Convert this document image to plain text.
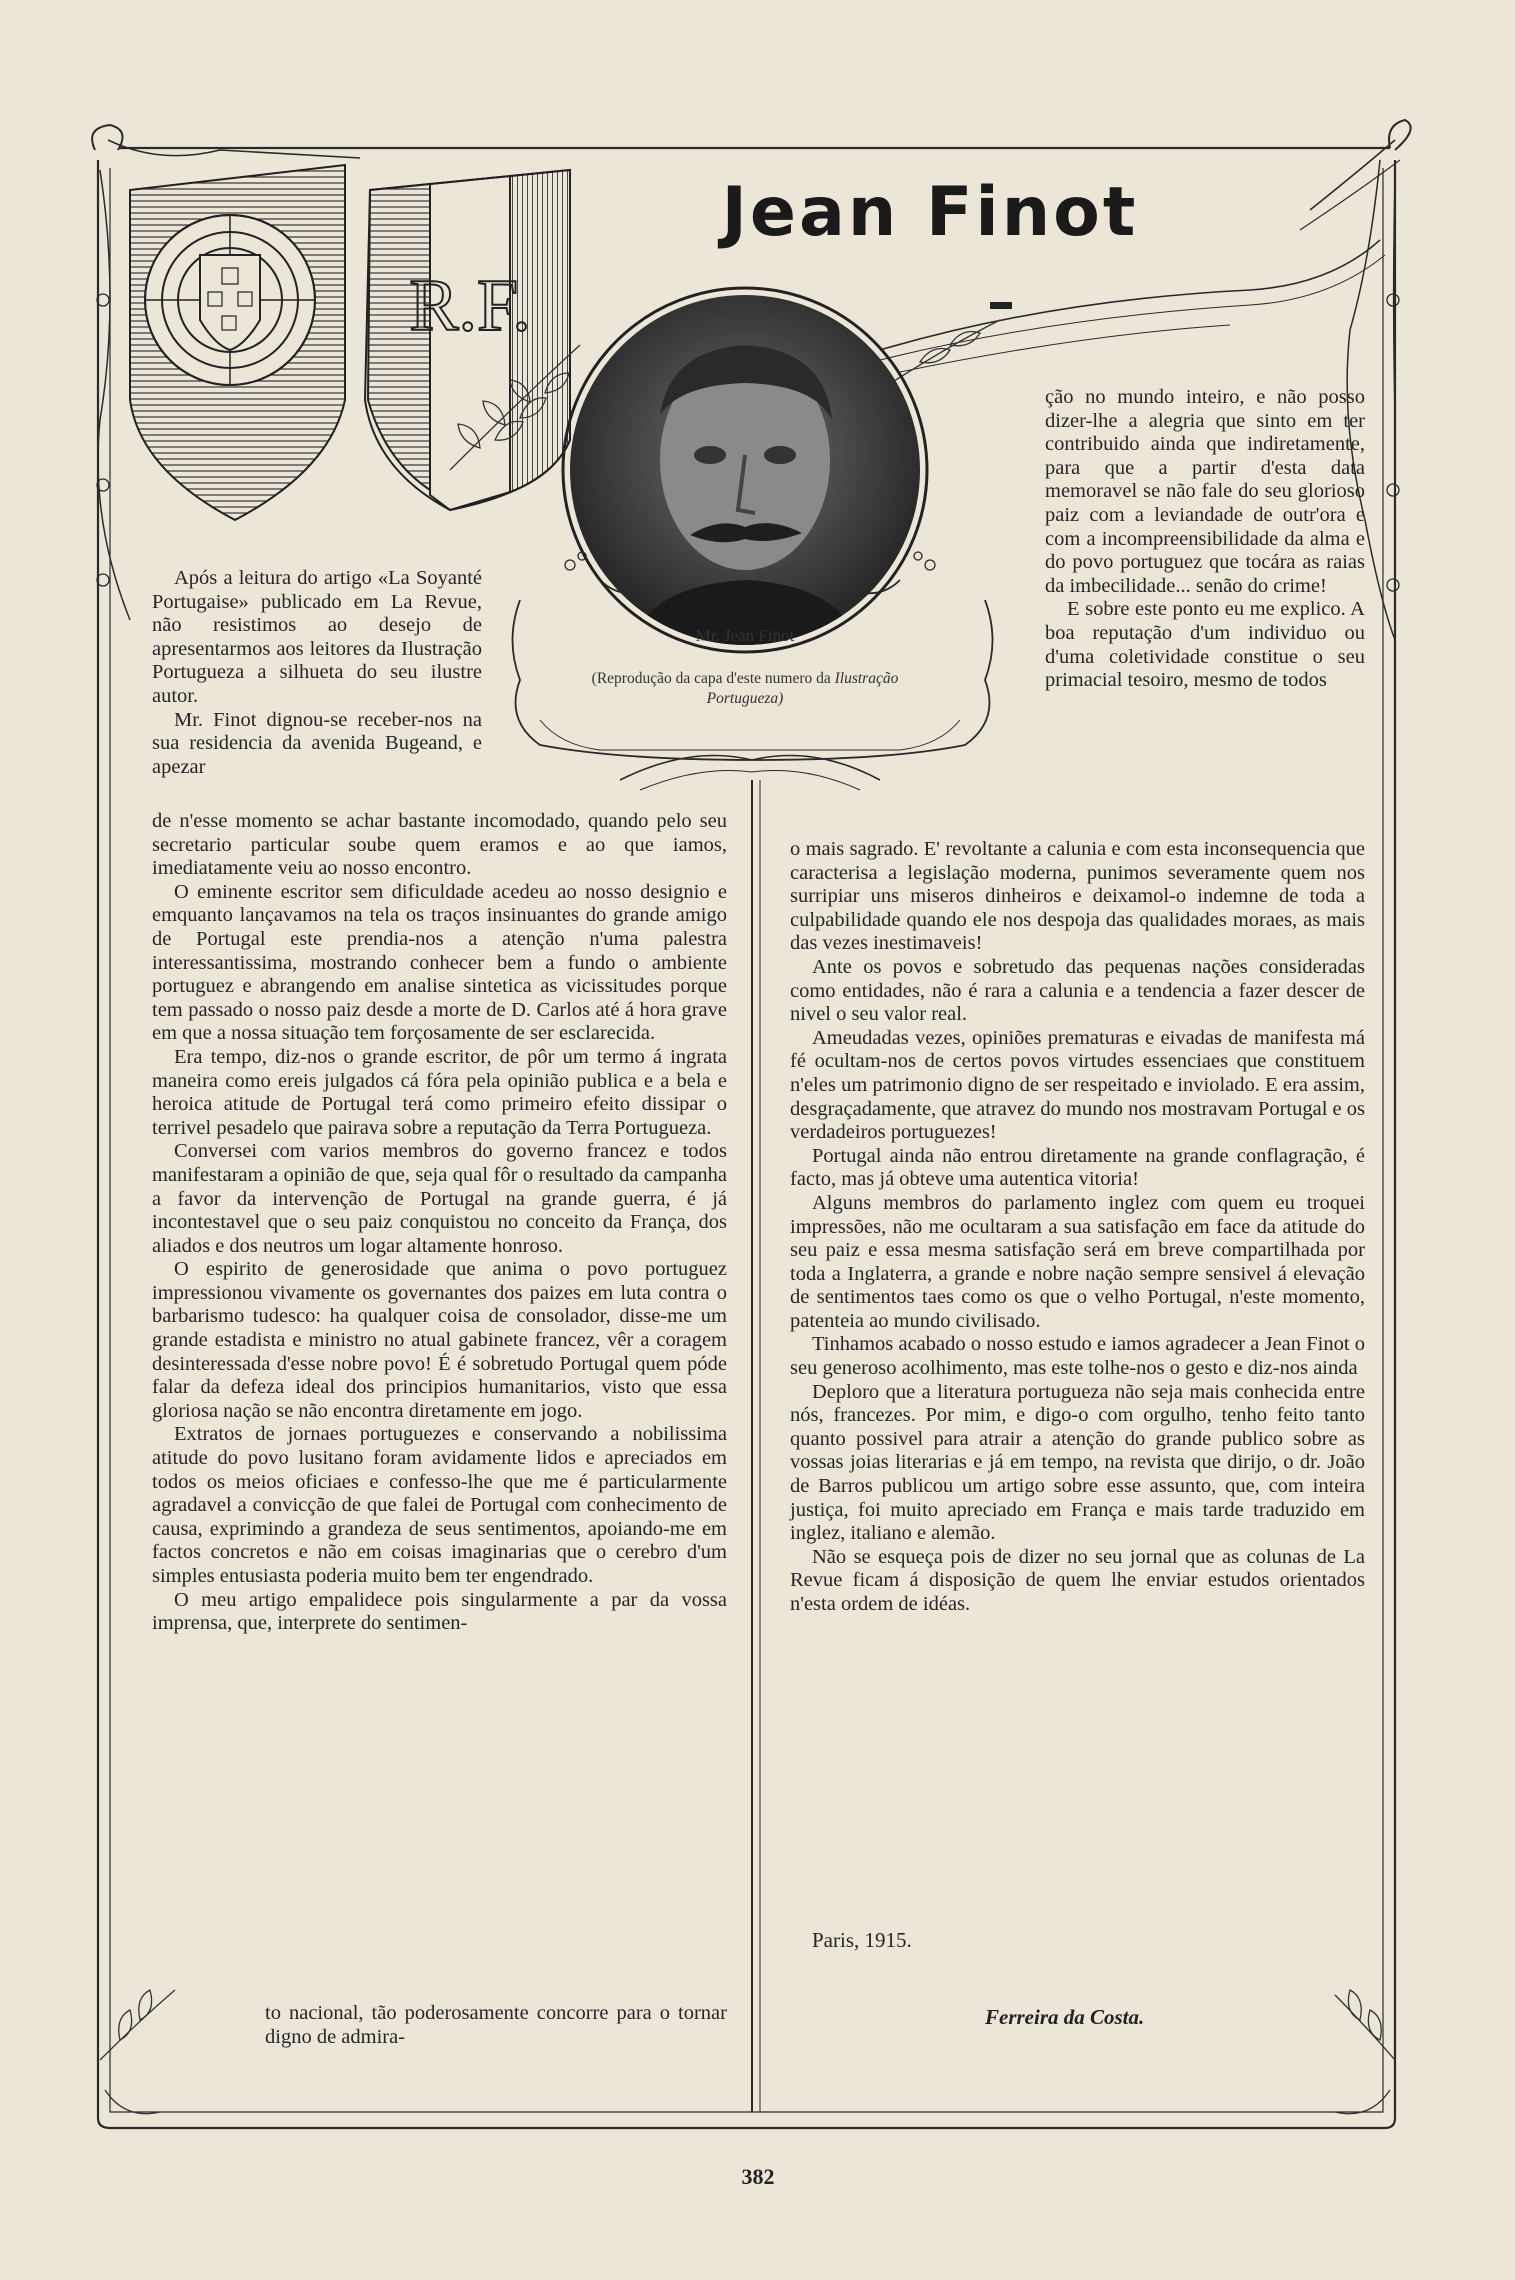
R.F.
Jean Finot
Mr. Jean Finot
(Reprodução da capa d'este numero da Ilustração Portugueza)

Após a leitura do artigo «La Soyanté Portugaise» publicado em La Revue, não resistimos ao desejo de apresentarmos aos leitores da Ilustração Portugueza a silhueta do seu ilustre autor.

Mr. Finot dignou-se receber-nos na sua residencia da avenida Bugeand, e apezar

de n'esse momento se achar bastante incomodado, quando pelo seu secretario particular soube quem eramos e ao que iamos, imediatamente veiu ao nosso encontro.

O eminente escritor sem dificuldade acedeu ao nosso designio e emquanto lançavamos na tela os traços insinuantes do grande amigo de Portugal este prendia-nos a atenção n'uma palestra interessantissima, mostrando conhecer bem a fundo o ambiente portuguez e abrangendo em analise sintetica as vicissitudes porque tem passado o nosso paiz desde a morte de D. Carlos até á hora grave em que a nossa situação tem forçosamente de ser esclarecida.

Era tempo, diz-nos o grande escritor, de pôr um termo á ingrata maneira como ereis julgados cá fóra pela opinião publica e a bela e heroica atitude de Portugal terá como primeiro efeito dissipar o terrivel pesadelo que pairava sobre a reputação da Terra Portugueza.

Conversei com varios membros do governo francez e todos manifestaram a opinião de que, seja qual fôr o resultado da campanha a favor da intervenção de Portugal na grande guerra, é já incontestavel que o seu paiz conquistou no conceito da França, dos aliados e dos neutros um logar altamente honroso.

O espirito de generosidade que anima o povo portuguez impressionou vivamente os governantes dos paizes em luta contra o barbarismo tudesco: ha qualquer coisa de consolador, disse-me um grande estadista e ministro no atual gabinete francez, vêr a coragem desinteressada d'esse nobre povo! É é sobretudo Portugal quem póde falar da defeza ideal dos principios humanitarios, visto que essa gloriosa nação se não encontra diretamente em jogo.

Extratos de jornaes portuguezes e conservando a nobilissima atitude do povo lusitano foram avidamente lidos e apreciados em todos os meios oficiaes e confesso-lhe que me é particularmente agradavel a convicção de que falei de Portugal com conhecimento de causa, exprimindo a grandeza de seus sentimentos, apoiando-me em factos concretos e não em coisas imaginarias que o cerebro d'um simples entusiasta poderia muito bem ter engendrado.

O meu artigo empalidece pois singularmente a par da vossa imprensa, que, interprete do sentimen-

to nacional, tão poderosamente concorre para o tornar digno de admira-

ção no mundo inteiro, e não posso dizer-lhe a alegria que sinto em ter contribuido ainda que indiretamente, para que a partir d'esta data memoravel se não fale do seu glorioso paiz com a leviandade de outr'ora e com a incompreensibilidade da alma e do povo portuguez que tocára as raias da imbecilidade... senão do crime!

E sobre este ponto eu me explico. A boa reputação d'um individuo ou d'uma coletividade constitue o seu primacial tesoiro, mesmo de todos

o mais sagrado. E' revoltante a calunia e com esta inconsequencia que caracterisa a legislação moderna, punimos severamente quem nos surripiar uns miseros dinheiros e deixamol-o indemne de toda a culpabilidade quando ele nos despoja das qualidades moraes, as mais das vezes inestimaveis!

Ante os povos e sobretudo das pequenas nações consideradas como entidades, não é rara a calunia e a tendencia a fazer descer de nivel o seu valor real.

Ameudadas vezes, opiniões prematuras e eivadas de manifesta má fé ocultam-nos de certos povos virtudes essenciaes que constituem n'eles um patrimonio digno de ser respeitado e inviolado. E era assim, desgraçadamente, que atravez do mundo nos mostravam Portugal e os verdadeiros portuguezes!

Portugal ainda não entrou diretamente na grande conflagração, é facto, mas já obteve uma autentica vitoria!

Alguns membros do parlamento inglez com quem eu troquei impressões, não me ocultaram a sua satisfação em face da atitude do seu paiz e essa mesma satisfação será em breve compartilhada por toda a Inglaterra, a grande e nobre nação sempre sensivel á elevação de sentimentos taes como os que o velho Portugal, n'este momento, patenteia ao mundo civilisado.

Tinhamos acabado o nosso estudo e iamos agradecer a Jean Finot o seu generoso acolhimento, mas este tolhe-nos o gesto e diz-nos ainda

Deploro que a literatura portugueza não seja mais conhecida entre nós, francezes. Por mim, e digo-o com orgulho, tenho feito tanto quanto possivel para atrair a atenção do grande publico sobre as vossas joias literarias e já em tempo, na revista que dirijo, o dr. João de Barros publicou um artigo sobre esse assunto, que, com inteira justiça, foi muito apreciado em França e mais tarde traduzido em inglez, italiano e alemão.

Não se esqueça pois de dizer no seu jornal que as colunas de La Revue ficam á disposição de quem lhe enviar estudos orientados n'esta ordem de idéas.

Paris, 1915.
Ferreira da Costa.
382
